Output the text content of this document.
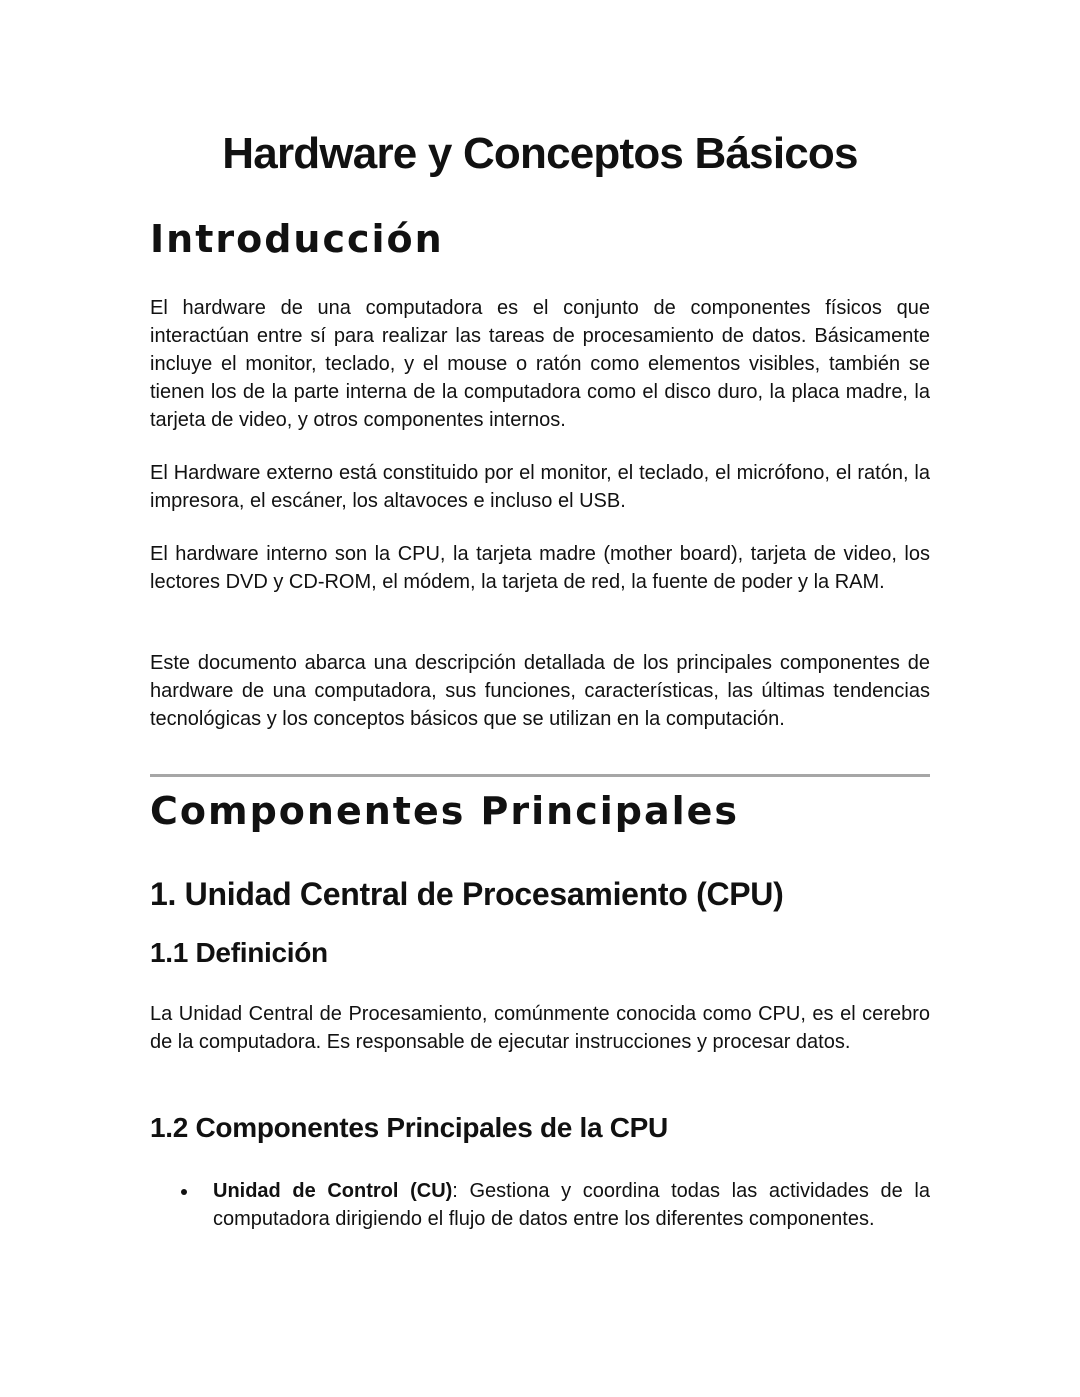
Hardware y Conceptos Básicos
Introducción

El hardware de una computadora es el conjunto de componentes físicos que interactúan entre sí para realizar las tareas de procesamiento de datos. Básicamente incluye el monitor, teclado, y el mouse o ratón como elementos visibles, también se tienen los de la parte interna de la computadora como el disco duro, la placa madre, la tarjeta de video, y otros componentes internos.

El Hardware externo está constituido por el monitor, el teclado, el micrófono, el ratón, la impresora, el escáner, los altavoces e incluso el USB.

El hardware interno son la CPU, la tarjeta madre (mother board), tarjeta de video, los lectores DVD y CD-ROM, el módem, la tarjeta de red, la fuente de poder y la RAM.

Este documento abarca una descripción detallada de los principales componentes de hardware de una computadora, sus funciones, características, las últimas tendencias tecnológicas y los conceptos básicos que se utilizan en la computación.

Componentes Principales
1. Unidad Central de Procesamiento (CPU)
1.1 Definición

La Unidad Central de Procesamiento, comúnmente conocida como CPU, es el cerebro de la computadora. Es responsable de ejecutar instrucciones y procesar datos.

1.2 Componentes Principales de la CPU
Unidad de Control (CU): Gestiona y coordina todas las actividades de la computadora dirigiendo el flujo de datos entre los diferentes componentes.
